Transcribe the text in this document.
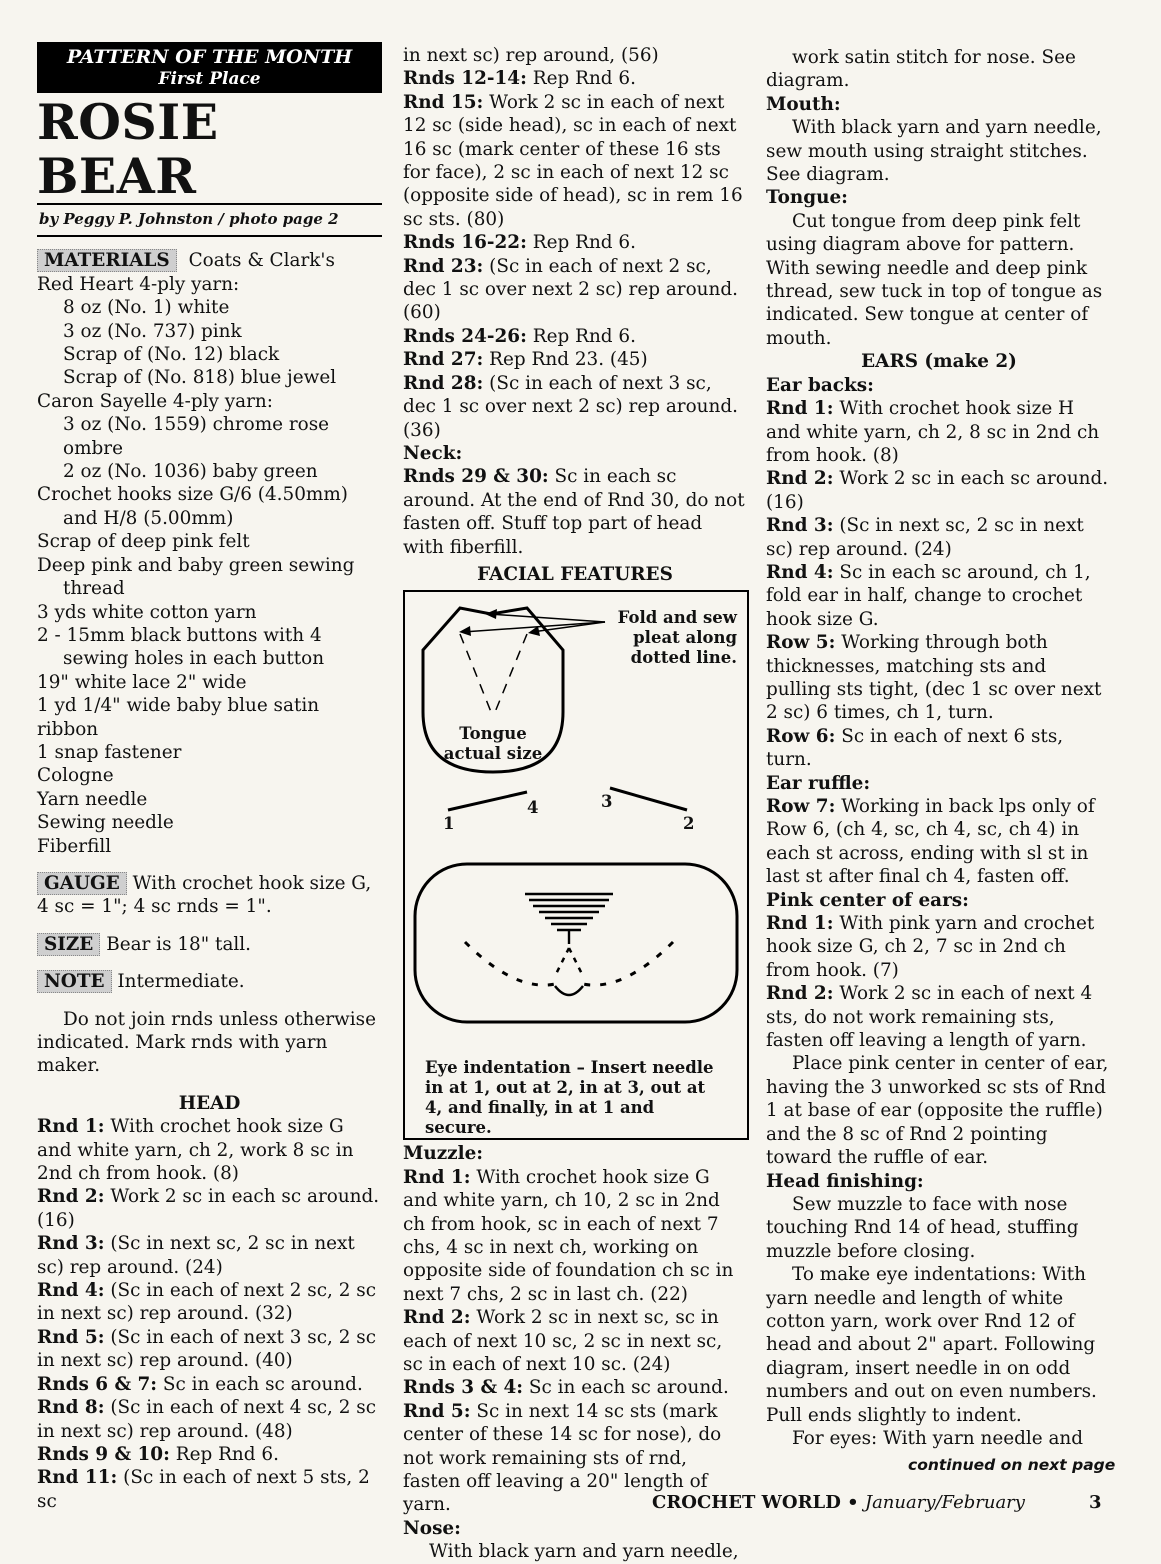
PATTERN OF THE MONTH
First Place
ROSIE BEAR
by Peggy P. Johnston / photo page 2

MATERIALS Coats & Clark's

Red Heart 4-ply yarn:

8 oz (No. 1) white

3 oz (No. 737) pink

Scrap of (No. 12) black

Scrap of (No. 818) blue jewel

Caron Sayelle 4-ply yarn:

3 oz (No. 1559) chrome rose ombre

2 oz (No. 1036) baby green

Crochet hooks size G/6 (4.50mm) and H/8 (5.00mm)

Scrap of deep pink felt

Deep pink and baby green sewing thread

3 yds white cotton yarn

2 - 15mm black buttons with 4 sewing holes in each button

19" white lace 2" wide

1 yd 1/4" wide baby blue satin ribbon

1 snap fastener

Cologne

Yarn needle

Sewing needle

Fiberfill

GAUGE With crochet hook size G, 4 sc = 1"; 4 sc rnds = 1".

SIZE Bear is 18" tall.

NOTE Intermediate.

Do not join rnds unless otherwise indicated. Mark rnds with yarn maker.

HEAD

Rnd 1: With crochet hook size G and white yarn, ch 2, work 8 sc in 2nd ch from hook. (8)

Rnd 2: Work 2 sc in each sc around. (16)

Rnd 3: (Sc in next sc, 2 sc in next sc) rep around. (24)

Rnd 4: (Sc in each of next 2 sc, 2 sc in next sc) rep around. (32)

Rnd 5: (Sc in each of next 3 sc, 2 sc in next sc) rep around. (40)

Rnds 6 & 7: Sc in each sc around.

Rnd 8: (Sc in each of next 4 sc, 2 sc in next sc) rep around. (48)

Rnds 9 & 10: Rep Rnd 6.

Rnd 11: (Sc in each of next 5 sts, 2 sc

in next sc) rep around, (56)

Rnds 12-14: Rep Rnd 6.

Rnd 15: Work 2 sc in each of next 12 sc (side head), sc in each of next 16 sc (mark center of these 16 sts for face), 2 sc in each of next 12 sc (opposite side of head), sc in rem 16 sc sts. (80)

Rnds 16-22: Rep Rnd 6.

Rnd 23: (Sc in each of next 2 sc, dec 1 sc over next 2 sc) rep around. (60)

Rnds 24-26: Rep Rnd 6.

Rnd 27: Rep Rnd 23. (45)

Rnd 28: (Sc in each of next 3 sc, dec 1 sc over next 2 sc) rep around. (36)

Neck:

Rnds 29 & 30: Sc in each sc around. At the end of Rnd 30, do not fasten off. Stuff top part of head with fiberfill.

FACIAL FEATURES

Fold and sew pleat along dotted line.
Tongue actual size
1
4	3
2
Eye indentation – Insert needle in at 1, out at 2, in at 3, out at 4, and finally, in at 1 and secure.

Muzzle:

Rnd 1: With crochet hook size G and white yarn, ch 10, 2 sc in 2nd ch from hook, sc in each of next 7 chs, 4 sc in next ch, working on opposite side of foundation ch sc in next 7 chs, 2 sc in last ch. (22)

Rnd 2: Work 2 sc in next sc, sc in each of next 10 sc, 2 sc in next sc, sc in each of next 10 sc. (24)

Rnds 3 & 4: Sc in each sc around.

Rnd 5: Sc in next 14 sc sts (mark center of these 14 sc for nose), do not work remaining sts of rnd, fasten off leaving a 20" length of yarn.

Nose:

With black yarn and yarn needle,

work satin stitch for nose. See diagram.

Mouth:

With black yarn and yarn needle, sew mouth using straight stitches. See diagram.

Tongue:

Cut tongue from deep pink felt using diagram above for pattern. With sewing needle and deep pink thread, sew tuck in top of tongue as indicated. Sew tongue at center of mouth.

EARS (make 2)

Ear backs:

Rnd 1: With crochet hook size H and white yarn, ch 2, 8 sc in 2nd ch from hook. (8)

Rnd 2: Work 2 sc in each sc around. (16)

Rnd 3: (Sc in next sc, 2 sc in next sc) rep around. (24)

Rnd 4: Sc in each sc around, ch 1, fold ear in half, change to crochet hook size G.

Row 5: Working through both thicknesses, matching sts and pulling sts tight, (dec 1 sc over next 2 sc) 6 times, ch 1, turn.

Row 6: Sc in each of next 6 sts, turn.

Ear ruffle:

Row 7: Working in back lps only of Row 6, (ch 4, sc, ch 4, sc, ch 4) in each st across, ending with sl st in last st after final ch 4, fasten off.

Pink center of ears:

Rnd 1: With pink yarn and crochet hook size G, ch 2, 7 sc in 2nd ch from hook. (7)

Rnd 2: Work 2 sc in each of next 4 sts, do not work remaining sts, fasten off leaving a length of yarn.

Place pink center in center of ear, having the 3 unworked sc sts of Rnd 1 at base of ear (opposite the ruffle) and the 8 sc of Rnd 2 pointing toward the ruffle of ear.

Head finishing:

Sew muzzle to face with nose touching Rnd 14 of head, stuffing muzzle before closing.

To make eye indentations: With yarn needle and length of white cotton yarn, work over Rnd 12 of head and about 2" apart. Following diagram, insert needle in on odd numbers and out on even numbers. Pull ends slightly to indent.

For eyes: With yarn needle and

continued on next page
CROCHET WORLD • January/February	3
